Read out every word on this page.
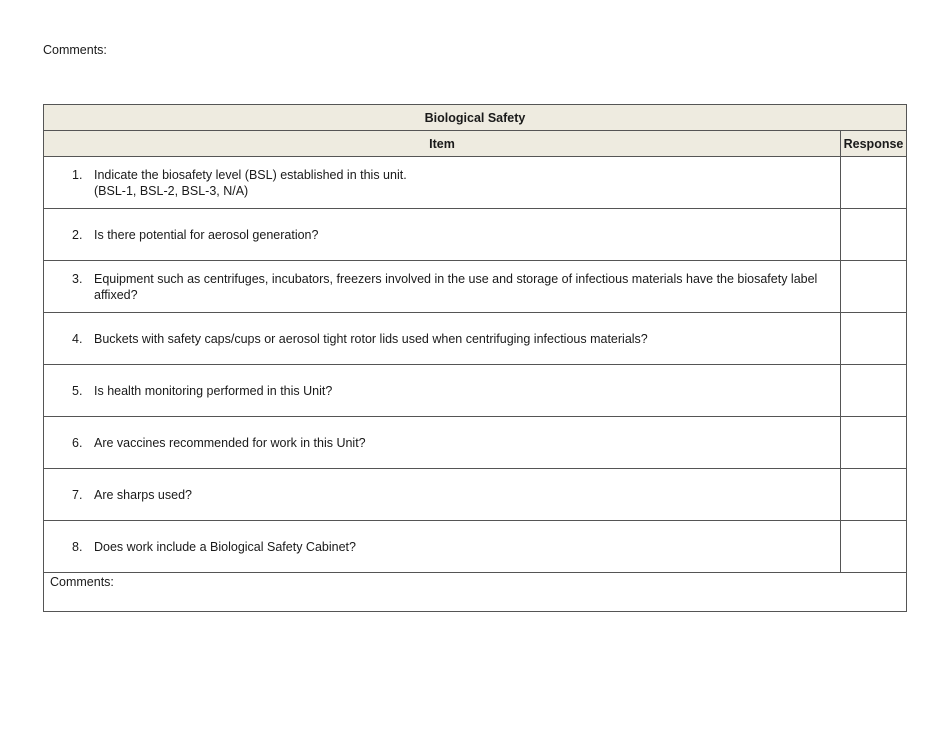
Comments:
Biological Safety	
Item	Response

1. Indicate the biosafety level (BSL) established in this unit.
(BSL-1, BSL-2, BSL-3, N/A)	

2. Is there potential for aerosol generation?	

3. Equipment such as centrifuges, incubators, freezers involved in the use and storage of infectious materials have the biosafety label affixed?	

4. Buckets with safety caps/cups or aerosol tight rotor lids used when centrifuging infectious materials?	

5. Is health monitoring performed in this Unit?	

6. Are vaccines recommended for work in this Unit?	

7. Are sharps used?	

8. Does work include a Biological Safety Cabinet?	

Comments:	
